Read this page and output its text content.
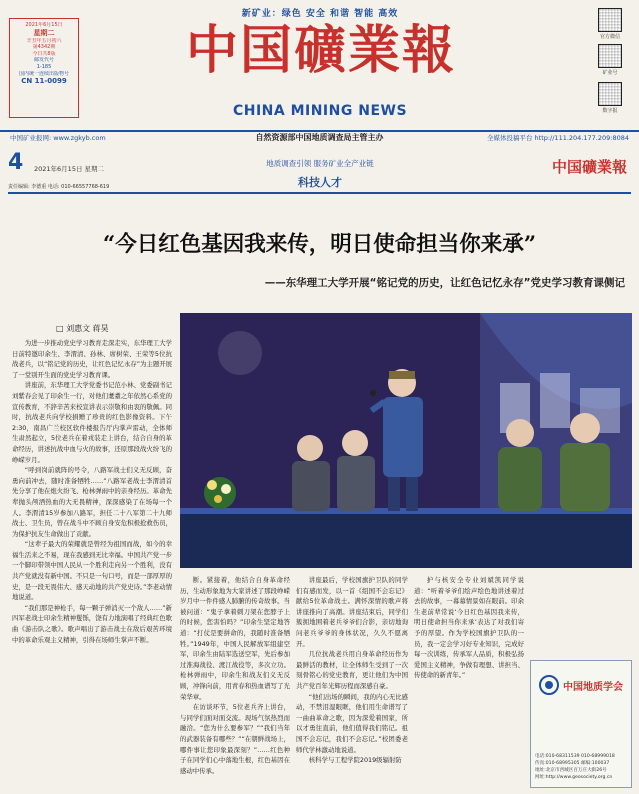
2021年6月15日
星期二
辛丑年五月初六
第4342期
今日共8版
邮发代号
1-185
国内统一连续出版物号
CN 11-0099
新矿业：绿色 安全 和谐 智能 高效
中国礦業報
CHINA MINING NEWS
官方微信
矿业号
数字报
中国矿业报网: www.zgkyb.com	自然资源部中国地质调查局主管主办	全媒体投稿平台 http://111.204.177.209:8084
4 2021年6月15日 星期二
责任编辑: 李德重 电话: 010-66557768-619
地质调查引领 服务矿业全产业链
科技人才
中国礦業報
“今日红色基因我来传，明日使命担当你来承”
——东华理工大学开展“铭记党的历史，让红色记忆永存”党史学习教育课侧记
□ 刘惠文 蒋昊

为进一步推动党史学习教育走深走实，东华理工大学日前特邀印余生、李渭清、孙林、席树荣、王荣等5位抗战老兵，以“铭记党的历史，让红色记忆永存”为主题开展了一堂别开生面的党史学习教育课。

讲座前，东华理工大学党委书记范小林、党委副书记刘紫春会见了印余生一行，对他们耄耋之年依然心系党的宣传教育，不辞辛苦来校宣讲表示崇敬和由衷的敬佩。同时，抗战老兵向学校捐赠了珍贵的红色影像资料。下午2:30，南昌广兰校区软件楼报告厅内掌声雷动，全体师生肃然起立，5位老兵在着戎装走上讲台，结合自身的革命经历，讲述抗战中血与火的故事，还原那段战火纷飞的峥嵘岁月。

“呼到岗前就阵的号令，八路军战士们义无反顾，奋勇向前冲去，随时准备牺牲……”八路军老战士李渭清首先分享了他在炮火纷飞、枪林弹雨中的亲身经历。革命先辈抛头颅洒热血的大无畏精神，深深感染了在场每一个人。李渭清15岁参加八路军，担任二十八军第二十九师战士、卫生员，曾在战斗中不顾自身安危积极抢救伤员，为保护抗友生命做出了贡献。

“这辈子最大的荣耀就是曾经为祖国而战，如今的幸福生活来之不易，现在我感到无比幸福。中国共产党一步一个脚印带领中国人民从一个胜利走向另一个胜利，没有共产党就没有新中国。不只是一句口号，而是一部厚厚的史，是一段无畏伟大、感天动地的共产党史诗。”李老动情地说道。

“我们那是神枪手，每一颗子弹消灭一个敌人……”新四军老战士印余生精神矍铄，饶有力地演唱了经典红色歌曲《游击队之歌》。歌声唱出了游击战士在敌后艰苦环境中的革命乐观主义精神，引得在场师生掌声不断。

断。紧接着，他结合自身革命经历，生动形象地为大家讲述了那段峥嵘岁月中一件件感人肺腑的传奇故事。当被问道：“鬼子拿着刺刀架在您脖子上的时候，您害怕吗？”印余生坚定地答道：“打仗是要拼命的，我随时准备牺牲。”1949年，中国人民解放军组建空军，印余生由陆军选送空军，先后参加过淮海战役、渡江战役等，多次立功。枪林弹雨中，印余生和战友们义无反顾，冲锋向前，用青春和热血谱写了光荣华章。

在访谈环节，5位老兵齐上讲台，与同学们面对面交流。现场气氛热烈而融洽。“您为什么要参军？”“我们当年的武器装备有哪些？”“在朝鲜战场上，哪件事让您印象最深刻？”……红色种子在同学们心中落地生根，红色基因在感动中传承。

讲座最后，学校国旗护卫队的同学们有感而发，以一首《组国不会忘记》献给5位革命战士。满怀深情的歌声将讲座推向了高潮。讲座结束后，同学们簇拥地围着老兵爷爷们合影，亲切地询问老兵爷爷的身体状况，久久不愿离开。

几位抗战老兵用自身革命经历作为最鲜活的教材，让全体师生受到了一次刻骨铭心的党史教育，更让他们为中国共产党百年光辉历程而深感自豪。

“他们出场的瞬间，我的内心无比感动，不禁泪湿眼眶，他们用生命谱写了一曲曲革命之歌，因为深爱着国家，所以才勇往直前，他们值得我们铭记。祖国不会忘记，我们不会忘记。”校团委老师代学林激动地说道。

核科学与工程学院2019级辐射防

护与核安全专业刘斌凯同学说道：“听着爷爷们绘声绘色地讲述着过去的故事，一幕幕情景如在眼前。印余生老前辈常说‘今日红色基因我来传，明日使命担当你来承’表达了对我们寄予的厚望。作为学校国旗护卫队的一员，我一定会学习好专业知识，完成好每一次训练，传承军人品质，积极弘扬爱国主义精神，争做有理想、讲担当、传使命的新青年。”

中国地质学会
电话:010-68311539 010-68999018
传真:010-68995305 邮编:100037
地址:北京市西城区百万庄大街26号
网址:http://www.geosociety.org.cn
